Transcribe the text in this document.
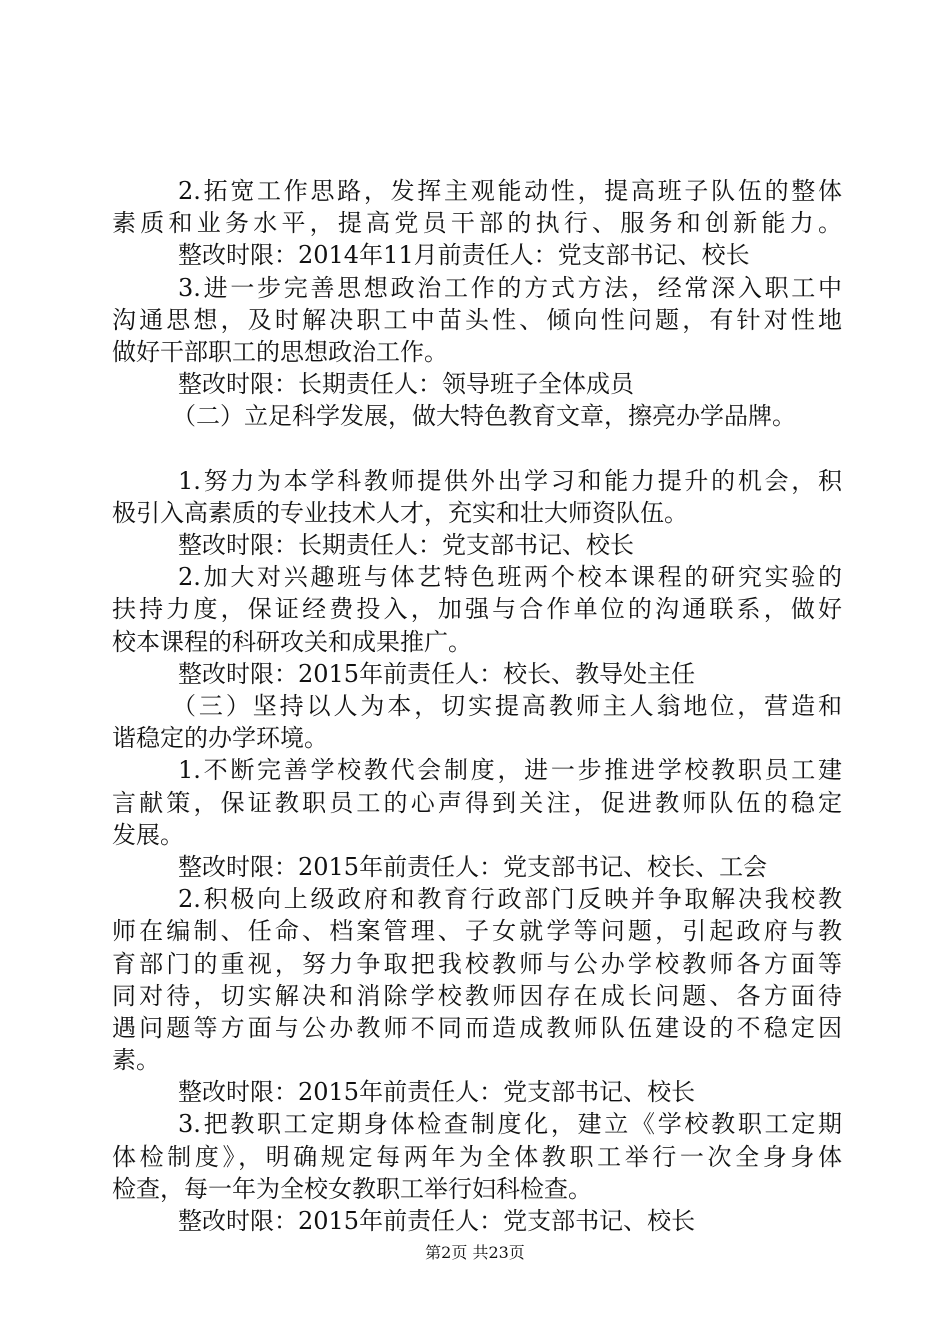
2.拓宽工作思路，发挥主观能动性，提高班子队伍的整体
素质和业务水平，提高党员干部的执行、服务和创新能力。
整改时限：2014年11月前责任人：党支部书记、校长
3.进一步完善思想政治工作的方式方法，经常深入职工中
沟通思想，及时解决职工中苗头性、倾向性问题，有针对性地
做好干部职工的思想政治工作。
整改时限：长期责任人：领导班子全体成员
（二）立足科学发展，做大特色教育文章，擦亮办学品牌。
1.努力为本学科教师提供外出学习和能力提升的机会，积
极引入高素质的专业技术人才，充实和壮大师资队伍。
整改时限：长期责任人：党支部书记、校长
2.加大对兴趣班与体艺特色班两个校本课程的研究实验的
扶持力度，保证经费投入，加强与合作单位的沟通联系，做好
校本课程的科研攻关和成果推广。
整改时限：2015年前责任人：校长、教导处主任
（三）坚持以人为本，切实提高教师主人翁地位，营造和
谐稳定的办学环境。
1.不断完善学校教代会制度，进一步推进学校教职员工建
言献策，保证教职员工的心声得到关注，促进教师队伍的稳定
发展。
整改时限：2015年前责任人：党支部书记、校长、工会
2.积极向上级政府和教育行政部门反映并争取解决我校教
师在编制、任命、档案管理、子女就学等问题，引起政府与教
育部门的重视，努力争取把我校教师与公办学校教师各方面等
同对待，切实解决和消除学校教师因存在成长问题、各方面待
遇问题等方面与公办教师不同而造成教师队伍建设的不稳定因
素。
整改时限：2015年前责任人：党支部书记、校长
3.把教职工定期身体检查制度化，建立《学校教职工定期
体检制度》，明确规定每两年为全体教职工举行一次全身身体
检查，每一年为全校女教职工举行妇科检查。
整改时限：2015年前责任人：党支部书记、校长
第2页 共23页
